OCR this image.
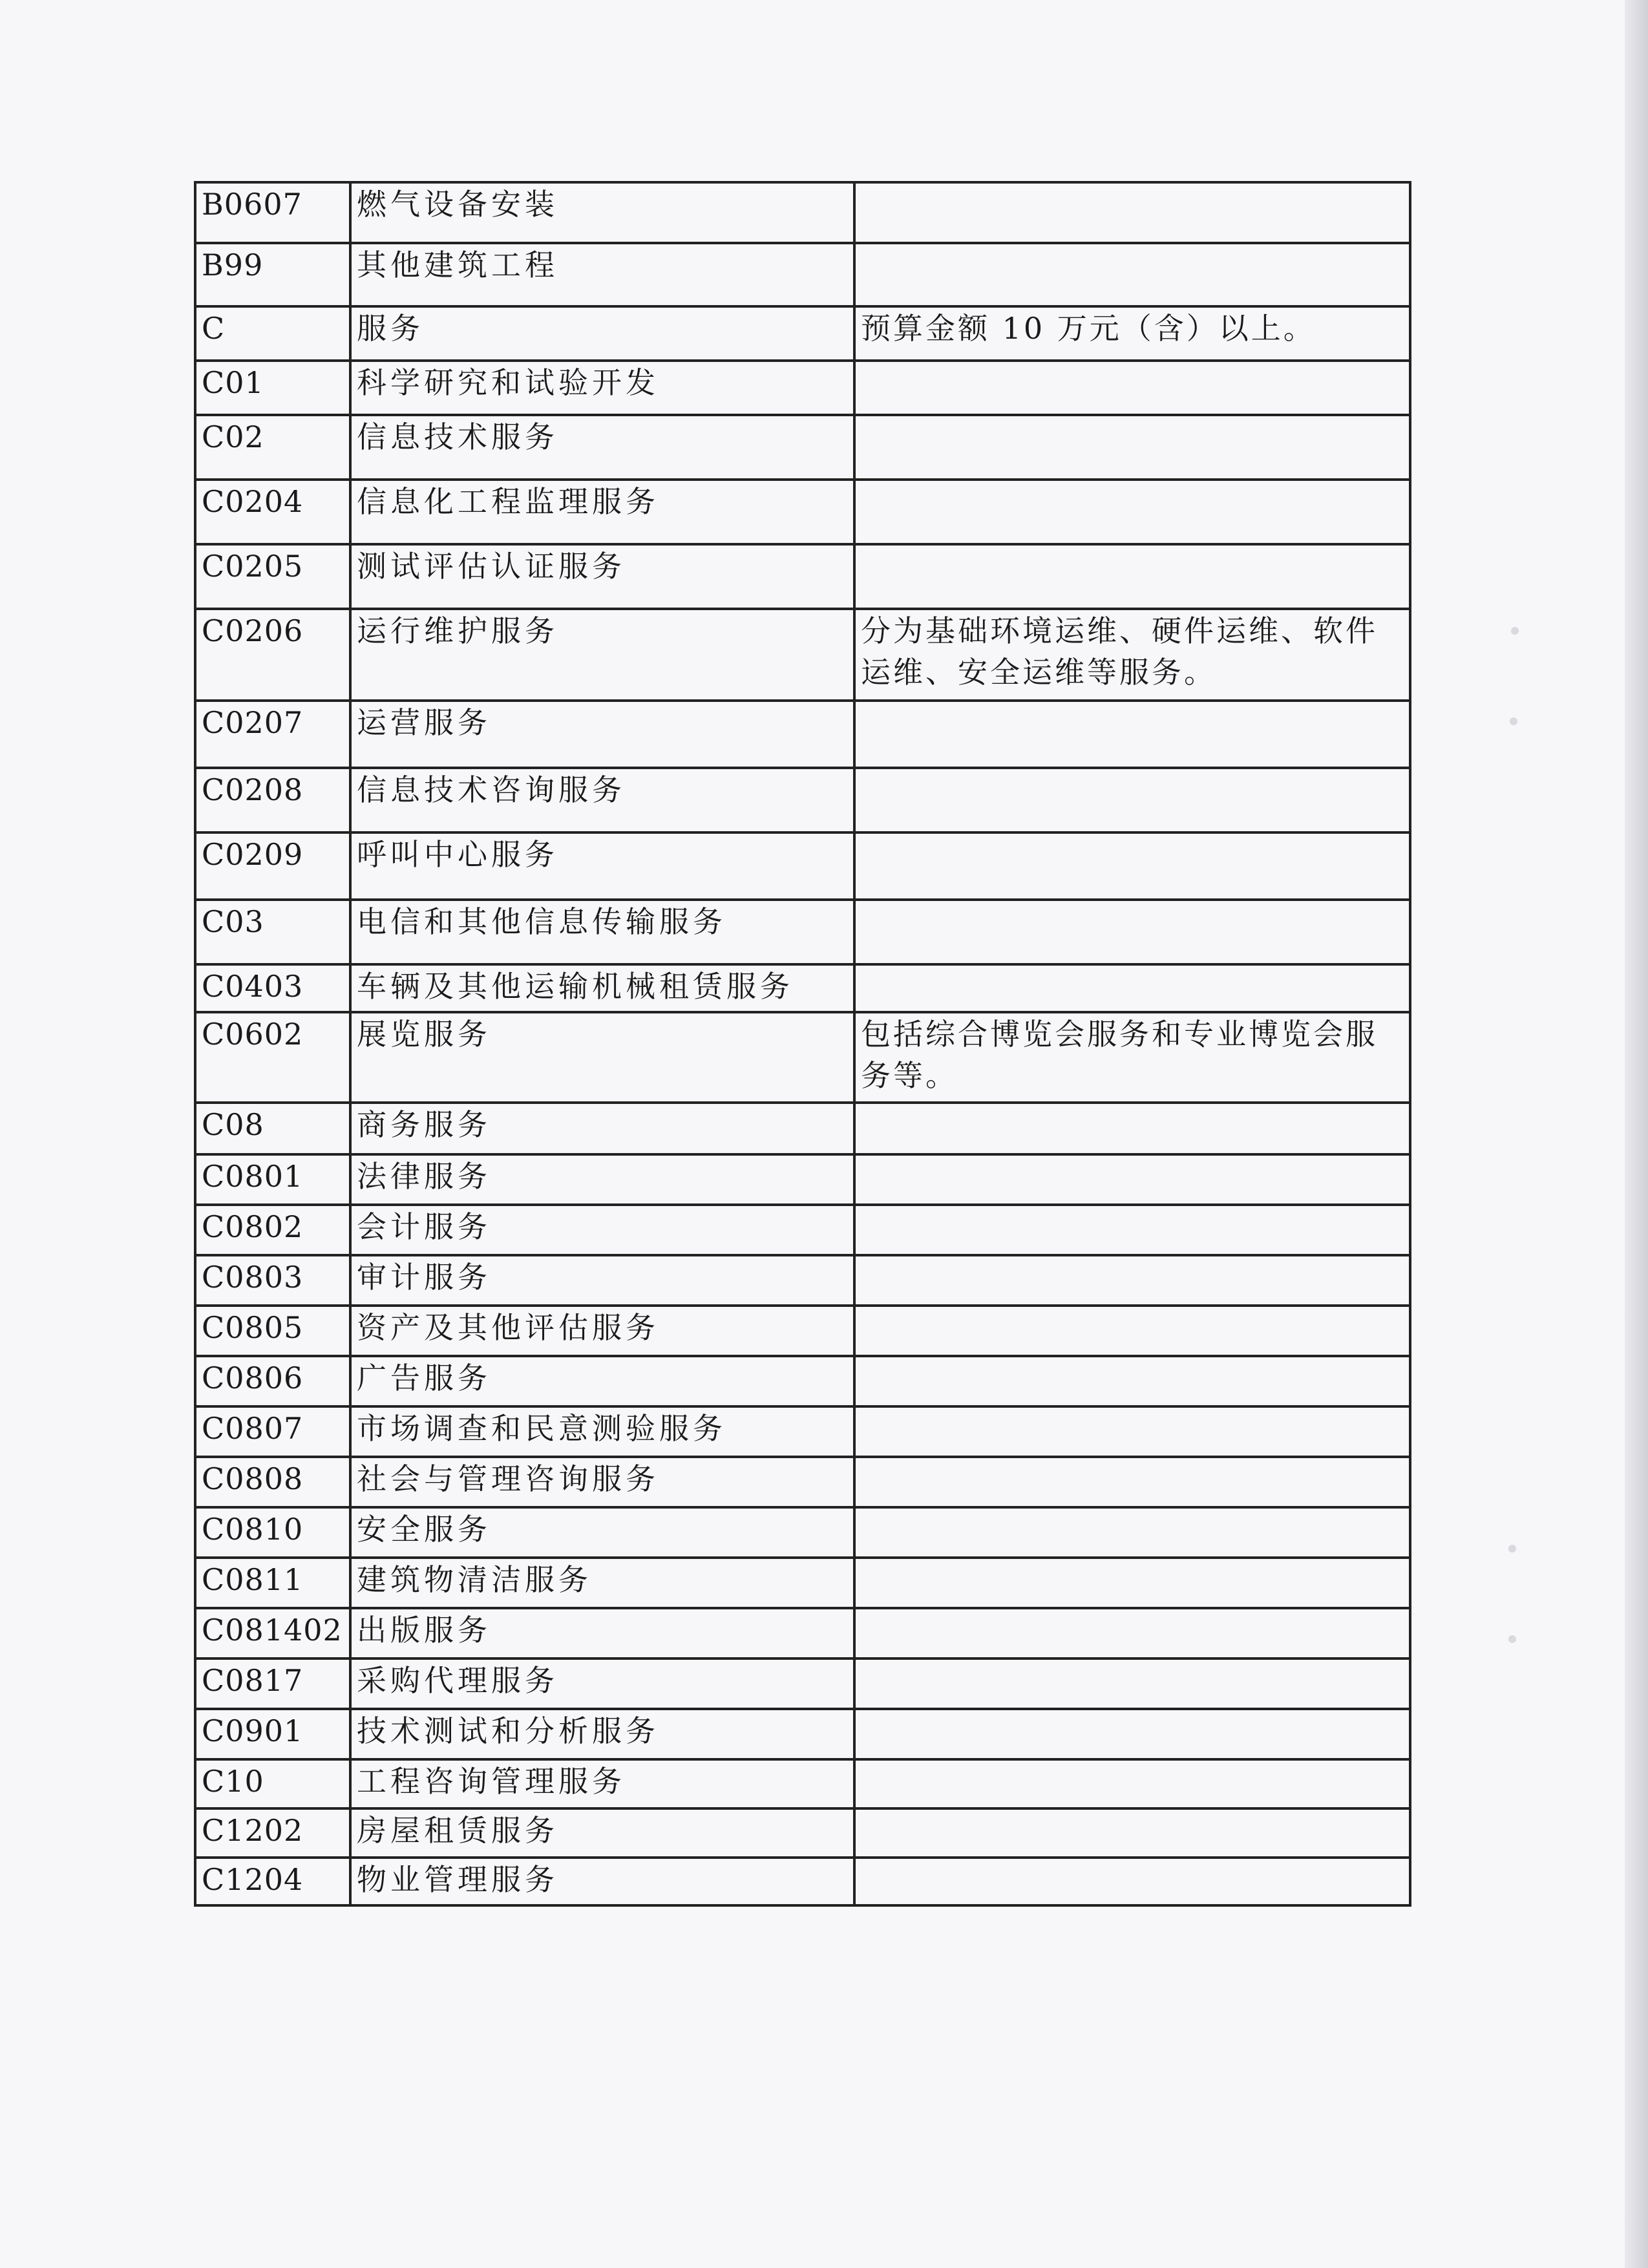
B0607	燃气设备安装	
B99	其他建筑工程	
C	服务	预算金额 10 万元（含）以上。
C01	科学研究和试验开发	
C02	信息技术服务	
C0204	信息化工程监理服务	
C0205	测试评估认证服务	
C0206	运行维护服务	分为基础环境运维、硬件运维、软件运维、安全运维等服务。
C0207	运营服务	
C0208	信息技术咨询服务	
C0209	呼叫中心服务	
C03	电信和其他信息传输服务	
C0403	车辆及其他运输机械租赁服务	
C0602	展览服务	包括综合博览会服务和专业博览会服务等。
C08	商务服务	
C0801	法律服务	
C0802	会计服务	
C0803	审计服务	
C0805	资产及其他评估服务	
C0806	广告服务	
C0807	市场调查和民意测验服务	
C0808	社会与管理咨询服务	
C0810	安全服务	
C0811	建筑物清洁服务	
C081402	出版服务	
C0817	采购代理服务	
C0901	技术测试和分析服务	
C10	工程咨询管理服务	
C1202	房屋租赁服务	
C1204	物业管理服务	
